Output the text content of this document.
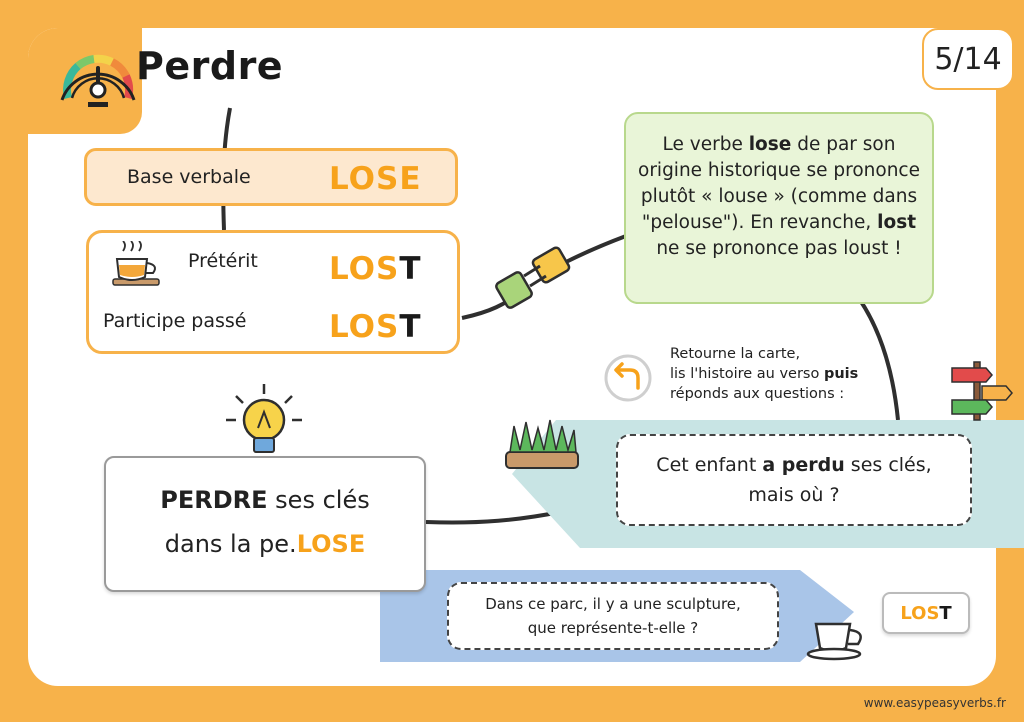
Perdre	5/14
Base verbale	LOSE
Prétérit LOST
Participe passé	LOST
Le verbe lose de par son origine historique se prononce plutôt « louse » (comme dans "pelouse"). En revanche, lost ne se prononce pas loust !
Retourne la carte,
lis l'histoire au verso puis
réponds aux questions :
PERDRE ses clés
dans la pe.LOSE
Cet enfant a perdu ses clés,
mais où ?
Dans ce parc, il y a une sculpture,
que représente-t-elle ?
LOS T
www.easypeasyverbs.fr
